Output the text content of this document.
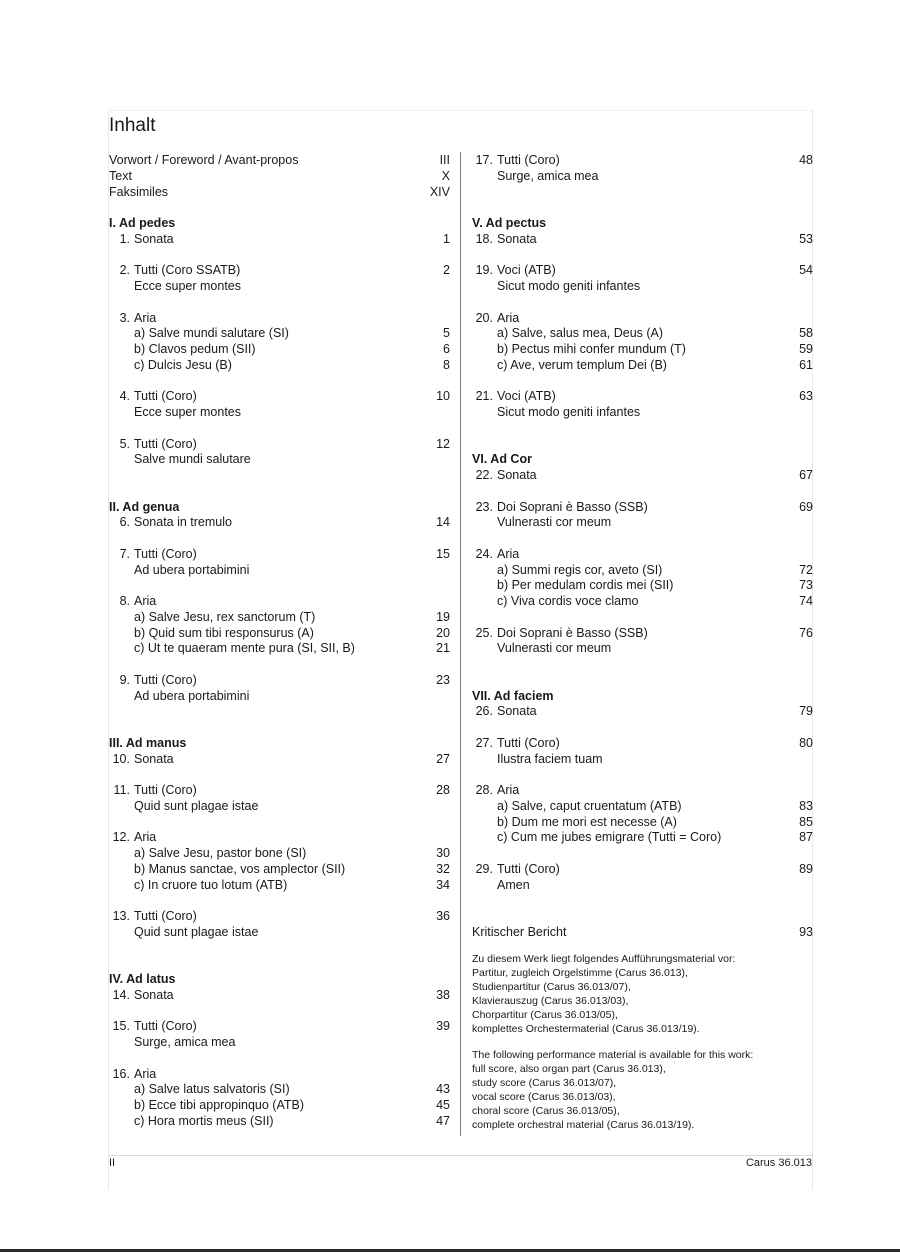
Inhalt
Vorwort / Foreword / Avant-propos	III
Text	X
Faksimiles	XIV
I. Ad pedes
1. Sonata	1
2. Tutti (Coro SSATB)	2
Ecce super montes
3. Aria
a) Salve mundi salutare (SI)	5
b) Clavos pedum (SII)	6
c) Dulcis Jesu (B)	8
4. Tutti (Coro)	10
Ecce super montes
5. Tutti (Coro)	12
Salve mundi salutare
II. Ad genua
6. Sonata in tremulo	14
7. Tutti (Coro)	15
Ad ubera portabimini
8. Aria
a) Salve Jesu, rex sanctorum (T)	19
b) Quid sum tibi responsurus (A)	20
c) Ut te quaeram mente pura (SI, SII, B)	21
9. Tutti (Coro)	23
Ad ubera portabimini
III. Ad manus
10. Sonata	27
11. Tutti (Coro)	28
Quid sunt plagae istae
12. Aria
a) Salve Jesu, pastor bone (SI)	30
b) Manus sanctae, vos amplector (SII)	32
c) In cruore tuo lotum (ATB)	34
13. Tutti (Coro)	36
Quid sunt plagae istae
IV. Ad latus
14. Sonata	38
15. Tutti (Coro)	39
Surge, amica mea
16. Aria
a) Salve latus salvatoris (SI)	43
b) Ecce tibi appropinquo (ATB)	45
c) Hora mortis meus (SII)	47
17. Tutti (Coro)	48
Surge, amica mea
V. Ad pectus
18. Sonata	53
19. Voci (ATB)	54
Sicut modo geniti infantes
20. Aria
a) Salve, salus mea, Deus (A)	58
b) Pectus mihi confer mundum (T)	59
c) Ave, verum templum Dei (B)	61
21. Voci (ATB)	63
Sicut modo geniti infantes
VI. Ad Cor
22. Sonata	67
23. Doi Soprani è Basso (SSB)	69
Vulnerasti cor meum
24. Aria
a) Summi regis cor, aveto (SI)	72
b) Per medulam cordis mei (SII)	73
c) Viva cordis voce clamo	74
25. Doi Soprani è Basso (SSB)	76
Vulnerasti cor meum
VII. Ad faciem
26. Sonata	79
27. Tutti (Coro)	80
Ilustra faciem tuam
28. Aria
a) Salve, caput cruentatum (ATB)	83
b) Dum me mori est necesse (A)	85
c) Cum me jubes emigrare (Tutti = Coro)	87
29. Tutti (Coro)	89
Amen
Kritischer Bericht	93
Zu diesem Werk liegt folgendes Aufführungsmaterial vor:
Partitur, zugleich Orgelstimme (Carus 36.013),
Studienpartitur (Carus 36.013/07),
Klavierauszug (Carus 36.013/03),
Chorpartitur (Carus 36.013/05),
komplettes Orchestermaterial (Carus 36.013/19).
The following performance material is available for this work:
full score, also organ part (Carus 36.013),
study score (Carus 36.013/07),
vocal score (Carus 36.013/03),
choral score (Carus 36.013/05),
complete orchestral material (Carus 36.013/19).
II	Carus 36.013
